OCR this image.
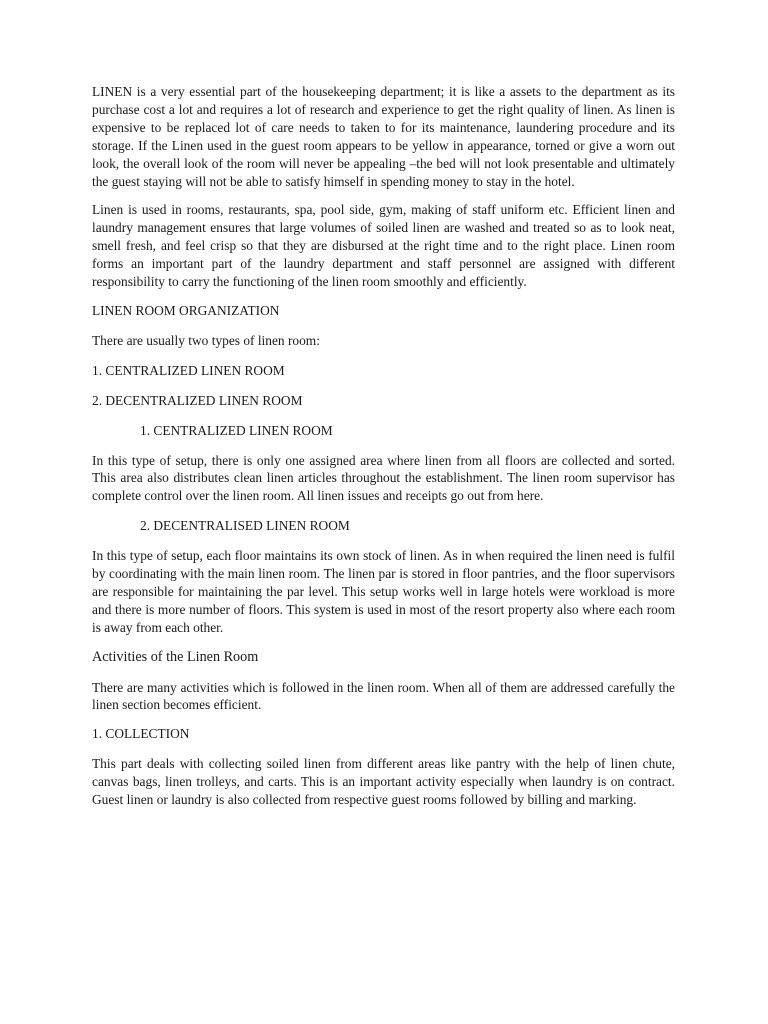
LINEN is a very essential part of the housekeeping department; it is like a assets to the department as its purchase cost a lot and requires a lot of research and experience to get the right quality of linen. As linen is expensive to be replaced lot of care needs to taken to for its maintenance, laundering procedure and its storage. If the Linen used in the guest room appears to be yellow in appearance, torned or give a worn out look, the overall look of the room will never be appealing –the bed will not look presentable and ultimately the guest staying will not be able to satisfy himself in spending money to stay in the hotel.

Linen is used in rooms, restaurants, spa, pool side, gym, making of staff uniform etc. Efficient linen and laundry management ensures that large volumes of soiled linen are washed and treated so as to look neat, smell fresh, and feel crisp so that they are disbursed at the right time and to the right place. Linen room forms an important part of the laundry department and staff personnel are assigned with different responsibility to carry the functioning of the linen room smoothly and efficiently.

LINEN ROOM ORGANIZATION

There are usually two types of linen room:

1. CENTRALIZED LINEN ROOM

2. DECENTRALIZED LINEN ROOM

1. CENTRALIZED LINEN ROOM

In this type of setup, there is only one assigned area where linen from all floors are collected and sorted. This area also distributes clean linen articles throughout the establishment. The linen room supervisor has complete control over the linen room. All linen issues and receipts go out from here.

2. DECENTRALISED LINEN ROOM

In this type of setup, each floor maintains its own stock of linen. As in when required the linen need is fulfil by coordinating with the main linen room. The linen par is stored in floor pantries, and the floor supervisors are responsible for maintaining the par level. This setup works well in large hotels were workload is more and there is more number of floors. This system is used in most of the resort property also where each room is away from each other.

Activities of the Linen Room

There are many activities which is followed in the linen room. When all of them are addressed carefully the linen section becomes efficient.

1. COLLECTION

This part deals with collecting soiled linen from different areas like pantry with the help of linen chute, canvas bags, linen trolleys, and carts. This is an important activity especially when laundry is on contract. Guest linen or laundry is also collected from respective guest rooms followed by billing and marking.
